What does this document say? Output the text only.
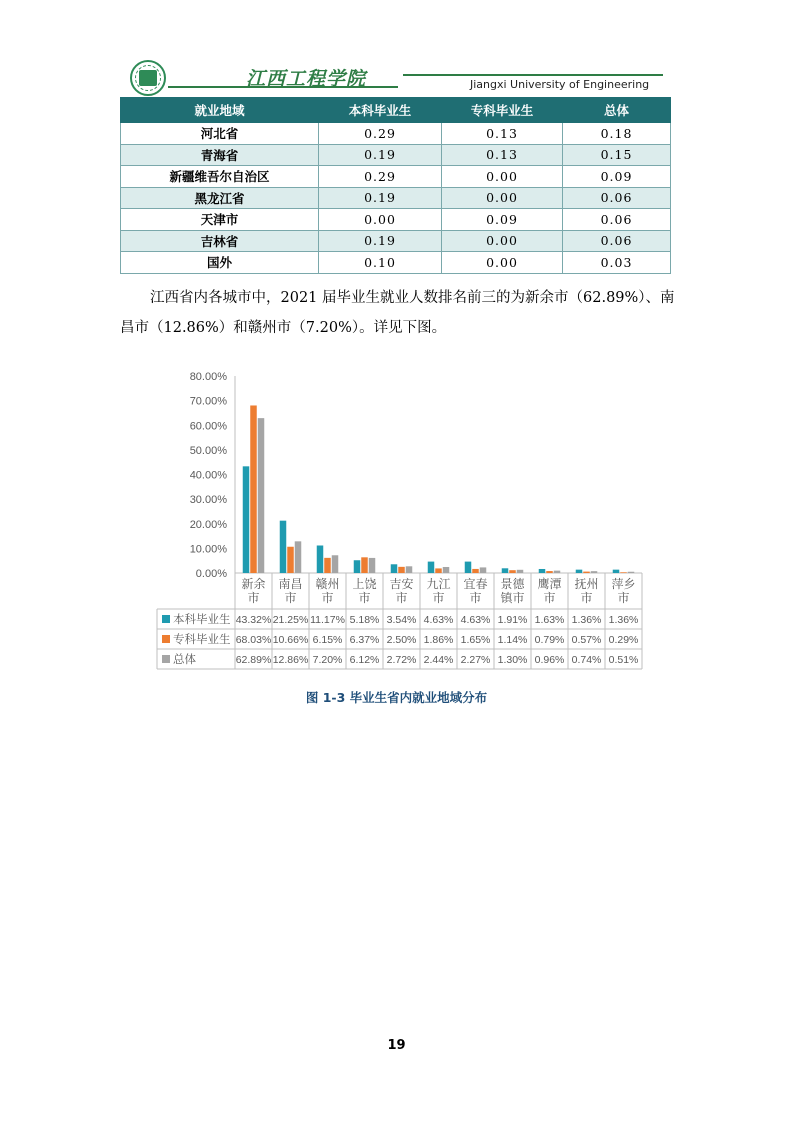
江西工程学院	Jiangxi University of Engineering
就业地域	本科毕业生	专科毕业生	总体
河北省	0.29	0.13	0.18
青海省	0.19	0.13	0.15
新疆维吾尔自治区	0.29	0.00	0.09
黑龙江省	0.19	0.00	0.06
天津市	0.00	0.09	0.06
吉林省	0.19	0.00	0.06
国外	0.10	0.00	0.03
江西省内各城市中，2021 届毕业生就业人数排名前三的为新余市（62.89%）、南昌市（12.86%）和赣州市（7.20%）。详见下图。
0.00%
10.00%
20.00%
30.00%
40.00%
50.00%
60.00%
70.00%
80.00%
新余
市
南昌
市
赣州
市
上饶
市
吉安
市
九江
市
宜春
市
景德
镇市
鹰潭
市
抚州
市
萍乡
市
本科毕业生 43.32% 21.25% 11.17% 5.18% 3.54% 4.63% 4.63% 1.91% 1.63% 1.36% 1.36%
专科毕业生 68.03% 10.66% 6.15% 6.37% 2.50% 1.86% 1.65% 1.14% 0.79% 0.57% 0.29%
总体	62.89% 12.86% 7.20% 6.12% 2.72% 2.44% 2.27% 1.30% 0.96% 0.74% 0.51%
图 1-3 毕业生省内就业地域分布
19
